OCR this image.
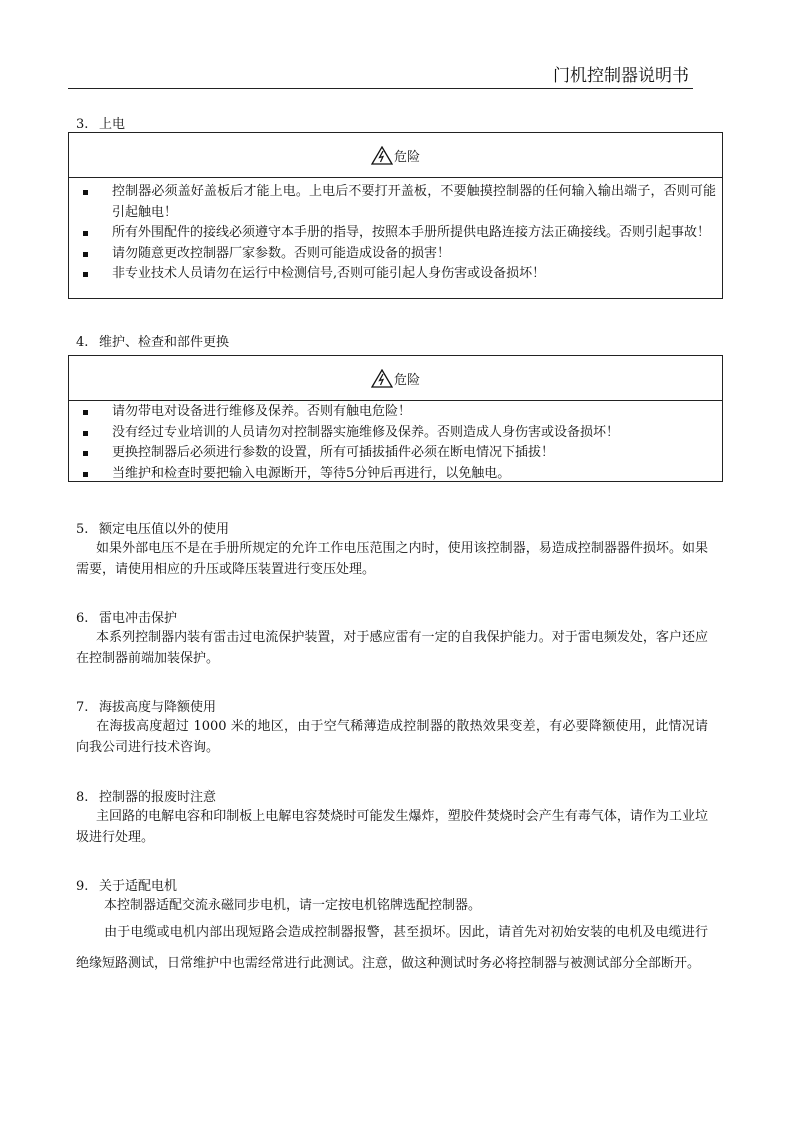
门机控制器说明书
3. 上电
危险
控制器必须盖好盖板后才能上电。上电后不要打开盖板，不要触摸控制器的任何输入输出端子，否则可能引起触电！
所有外围配件的接线必须遵守本手册的指导，按照本手册所提供电路连接方法正确接线。否则引起事故！
请勿随意更改控制器厂家参数。否则可能造成设备的损害！
非专业技术人员请勿在运行中检测信号,否则可能引起人身伤害或设备损坏！
4. 维护、检查和部件更换
危险
请勿带电对设备进行维修及保养。否则有触电危险！
没有经过专业培训的人员请勿对控制器实施维修及保养。否则造成人身伤害或设备损坏！
更换控制器后必须进行参数的设置，所有可插拔插件必须在断电情况下插拔！
当维护和检查时要把输入电源断开，等待5分钟后再进行，以免触电。
5. 额定电压值以外的使用
如果外部电压不是在手册所规定的允许工作电压范围之内时，使用该控制器，易造成控制器器件损坏。如果需要，请使用相应的升压或降压装置进行变压处理。
6. 雷电冲击保护
本系列控制器内装有雷击过电流保护装置，对于感应雷有一定的自我保护能力。对于雷电频发处，客户还应在控制器前端加装保护。
7. 海拔高度与降额使用
在海拔高度超过 1000 米的地区，由于空气稀薄造成控制器的散热效果变差，有必要降额使用，此情况请向我公司进行技术咨询。
8. 控制器的报废时注意
主回路的电解电容和印制板上电解电容焚烧时可能发生爆炸，塑胶件焚烧时会产生有毒气体，请作为工业垃圾进行处理。
9. 关于适配电机
本控制器适配交流永磁同步电机，请一定按电机铭牌选配控制器。
由于电缆或电机内部出现短路会造成控制器报警，甚至损坏。因此，请首先对初始安装的电机及电缆进行绝缘短路测试，日常维护中也需经常进行此测试。注意，做这种测试时务必将控制器与被测试部分全部断开。
